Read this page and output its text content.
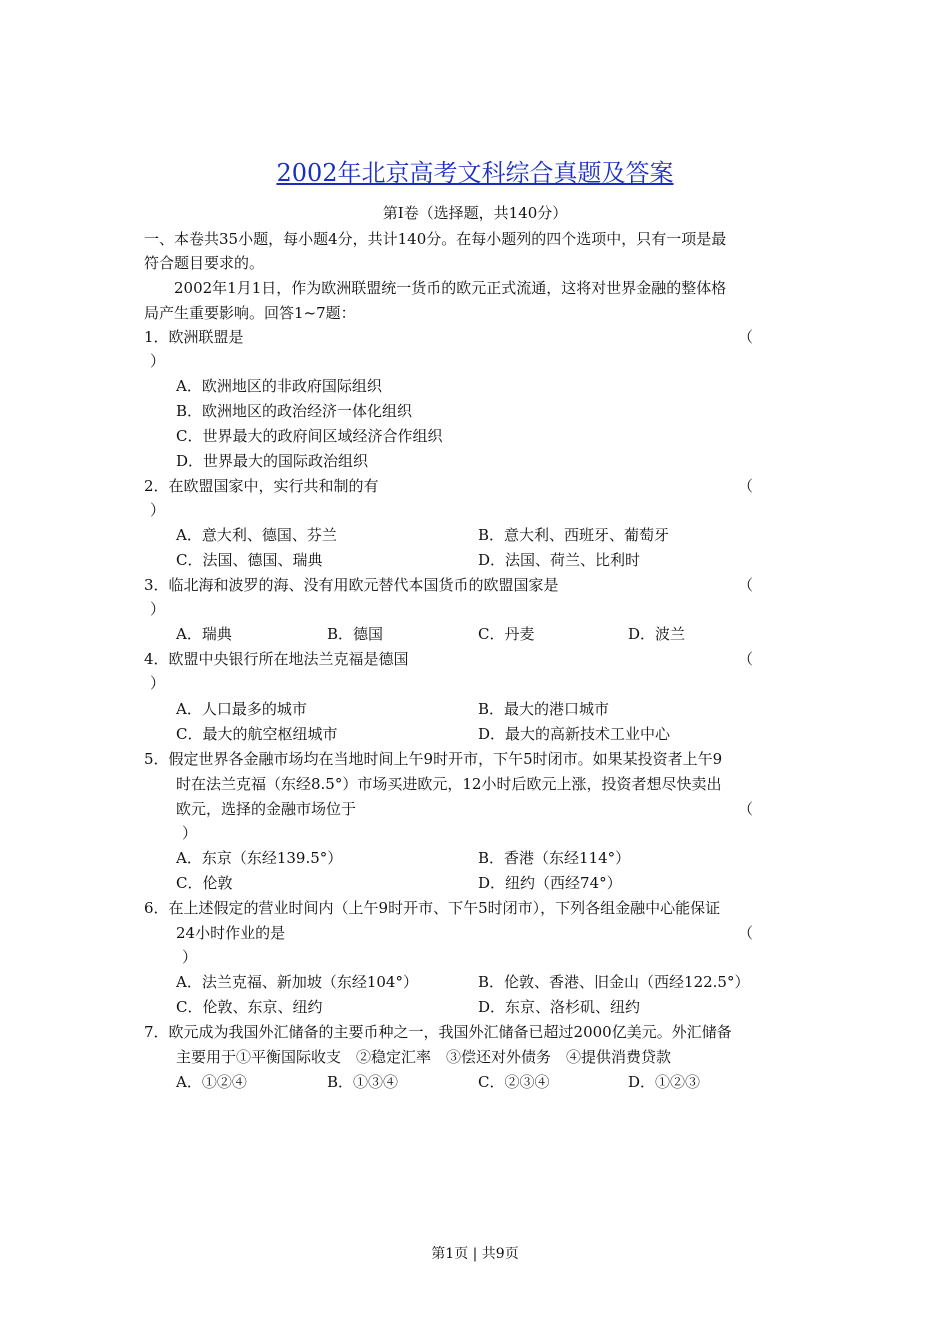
2002年北京高考文科综合真题及答案
第Ⅰ卷（选择题，共140分）
一、本卷共35小题，每小题4分，共计140分。在每小题列的四个选项中，只有一项是最
符合题目要求的。
2002年1月1日，作为欧洲联盟统一货币的欧元正式流通，这将对世界金融的整体格
局产生重要影响。回答1~7题：
1．欧洲联盟是	（
）
A．欧洲地区的非政府国际组织
B．欧洲地区的政治经济一体化组织
C．世界最大的政府间区域经济合作组织
D．世界最大的国际政治组织
2．在欧盟国家中，实行共和制的有	（
）
A．意大利、德国、芬兰	B．意大利、西班牙、葡萄牙
C．法国、德国、瑞典	D．法国、荷兰、比利时
3．临北海和波罗的海、没有用欧元替代本国货币的欧盟国家是	（
）
A．瑞典	B．德国	C．丹麦	D．波兰
4．欧盟中央银行所在地法兰克福是德国	（
）
A．人口最多的城市	B．最大的港口城市
C．最大的航空枢纽城市	D．最大的高新技术工业中心
5．假定世界各金融市场均在当地时间上午9时开市，下午5时闭市。如果某投资者上午9
时在法兰克福（东经8.5°）市场买进欧元，12小时后欧元上涨，投资者想尽快卖出
欧元，选择的金融市场位于	（
）
A．东京（东经139.5°）	B．香港（东经114°）
C．伦敦	D．纽约（西经74°）
6．在上述假定的营业时间内（上午9时开市、下午5时闭市），下列各组金融中心能保证
24小时作业的是	（
）
A．法兰克福、新加坡（东经104°）	B．伦敦、香港、旧金山（西经122.5°）
C．伦敦、东京、纽约	D．东京、洛杉矶、纽约
7．欧元成为我国外汇储备的主要币种之一，我国外汇储备已超过2000亿美元。外汇储备
主要用于①平衡国际收支　②稳定汇率　③偿还对外债务　④提供消费贷款
A．①②④	B．①③④	C．②③④	D．①②③
第1页 | 共9页
